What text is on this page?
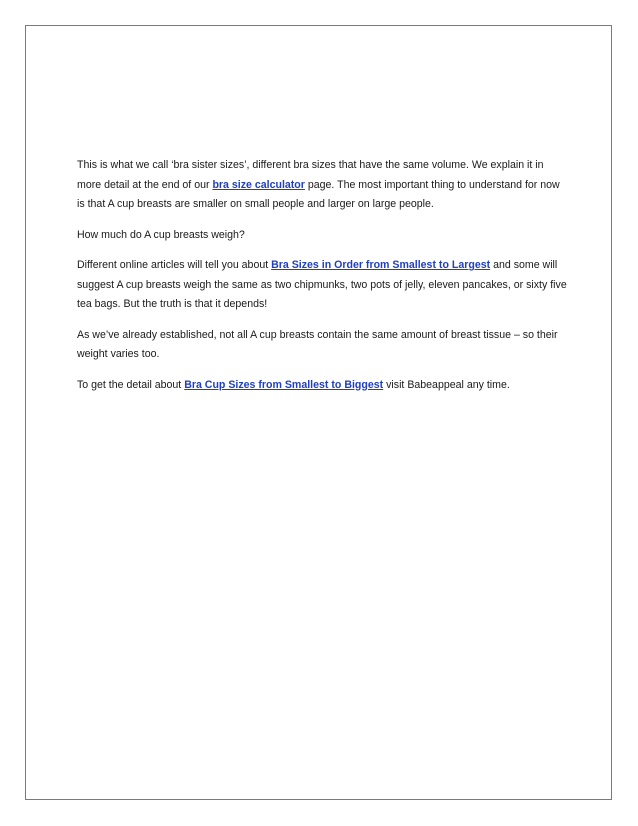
This is what we call ‘bra sister sizes’, different bra sizes that have the same volume. We explain it in more detail at the end of our bra size calculator page. The most important thing to understand for now is that A cup breasts are smaller on small people and larger on large people.

How much do A cup breasts weigh?

Different online articles will tell you about Bra Sizes in Order from Smallest to Largest and some will suggest A cup breasts weigh the same as two chipmunks, two pots of jelly, eleven pancakes, or sixty five tea bags. But the truth is that it depends!

As we’ve already established, not all A cup breasts contain the same amount of breast tissue – so their weight varies too.

To get the detail about Bra Cup Sizes from Smallest to Biggest visit Babeappeal any time.
